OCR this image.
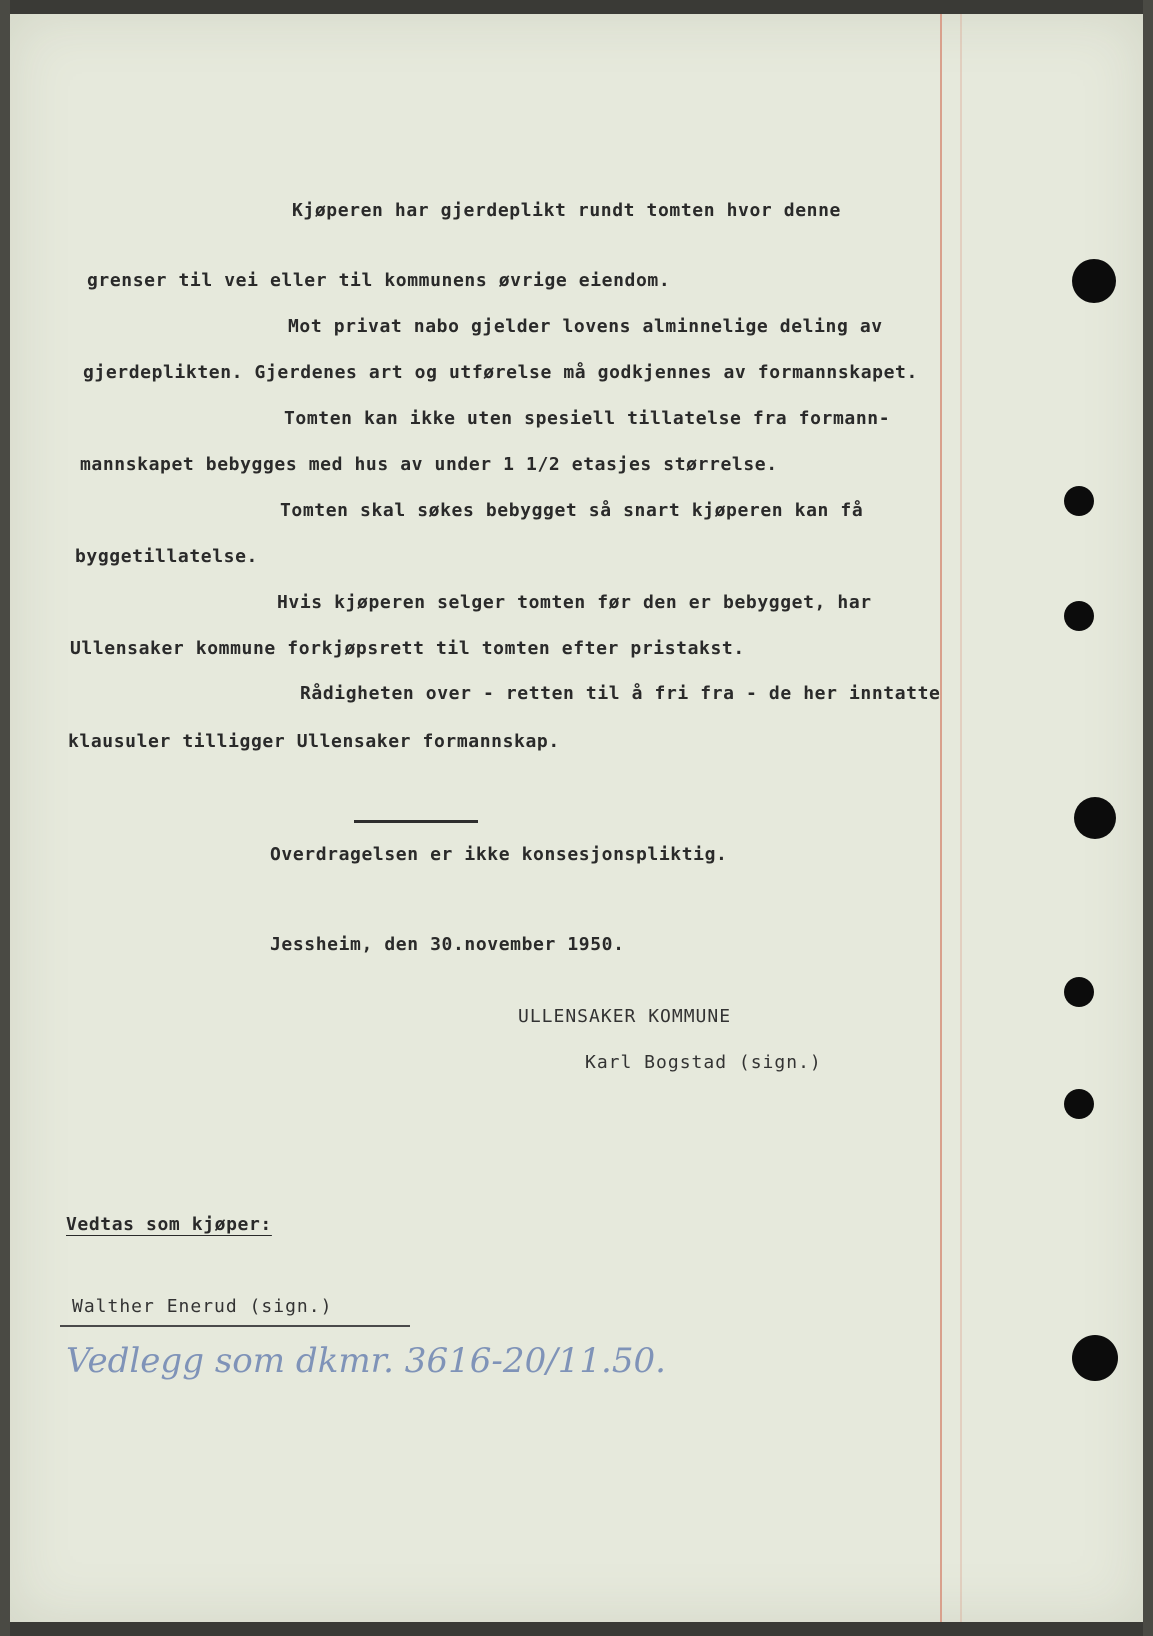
Kjøperen har gjerdeplikt rundt tomten hvor denne
grenser til vei eller til kommunens øvrige eiendom.
Mot privat nabo gjelder lovens alminnelige deling av
gjerdeplikten. Gjerdenes art og utførelse må godkjennes av formannskapet.
Tomten kan ikke uten spesiell tillatelse fra formann-
mannskapet bebygges med hus av under 1 1/2 etasjes størrelse.
Tomten skal søkes bebygget så snart kjøperen kan få
byggetillatelse.
Hvis kjøperen selger tomten før den er bebygget, har
Ullensaker kommune forkjøpsrett til tomten efter pristakst.
Rådigheten over - retten til å fri fra - de her inntatte
klausuler tilligger Ullensaker formannskap.
Overdragelsen er ikke konsesjonspliktig.
Jessheim, den 30.november 1950.
ULLENSAKER KOMMUNE
Karl Bogstad (sign.)
Vedtas som kjøper:
Walther Enerud (sign.)
Vedlegg som dkmr. 3616-20/11.50.
